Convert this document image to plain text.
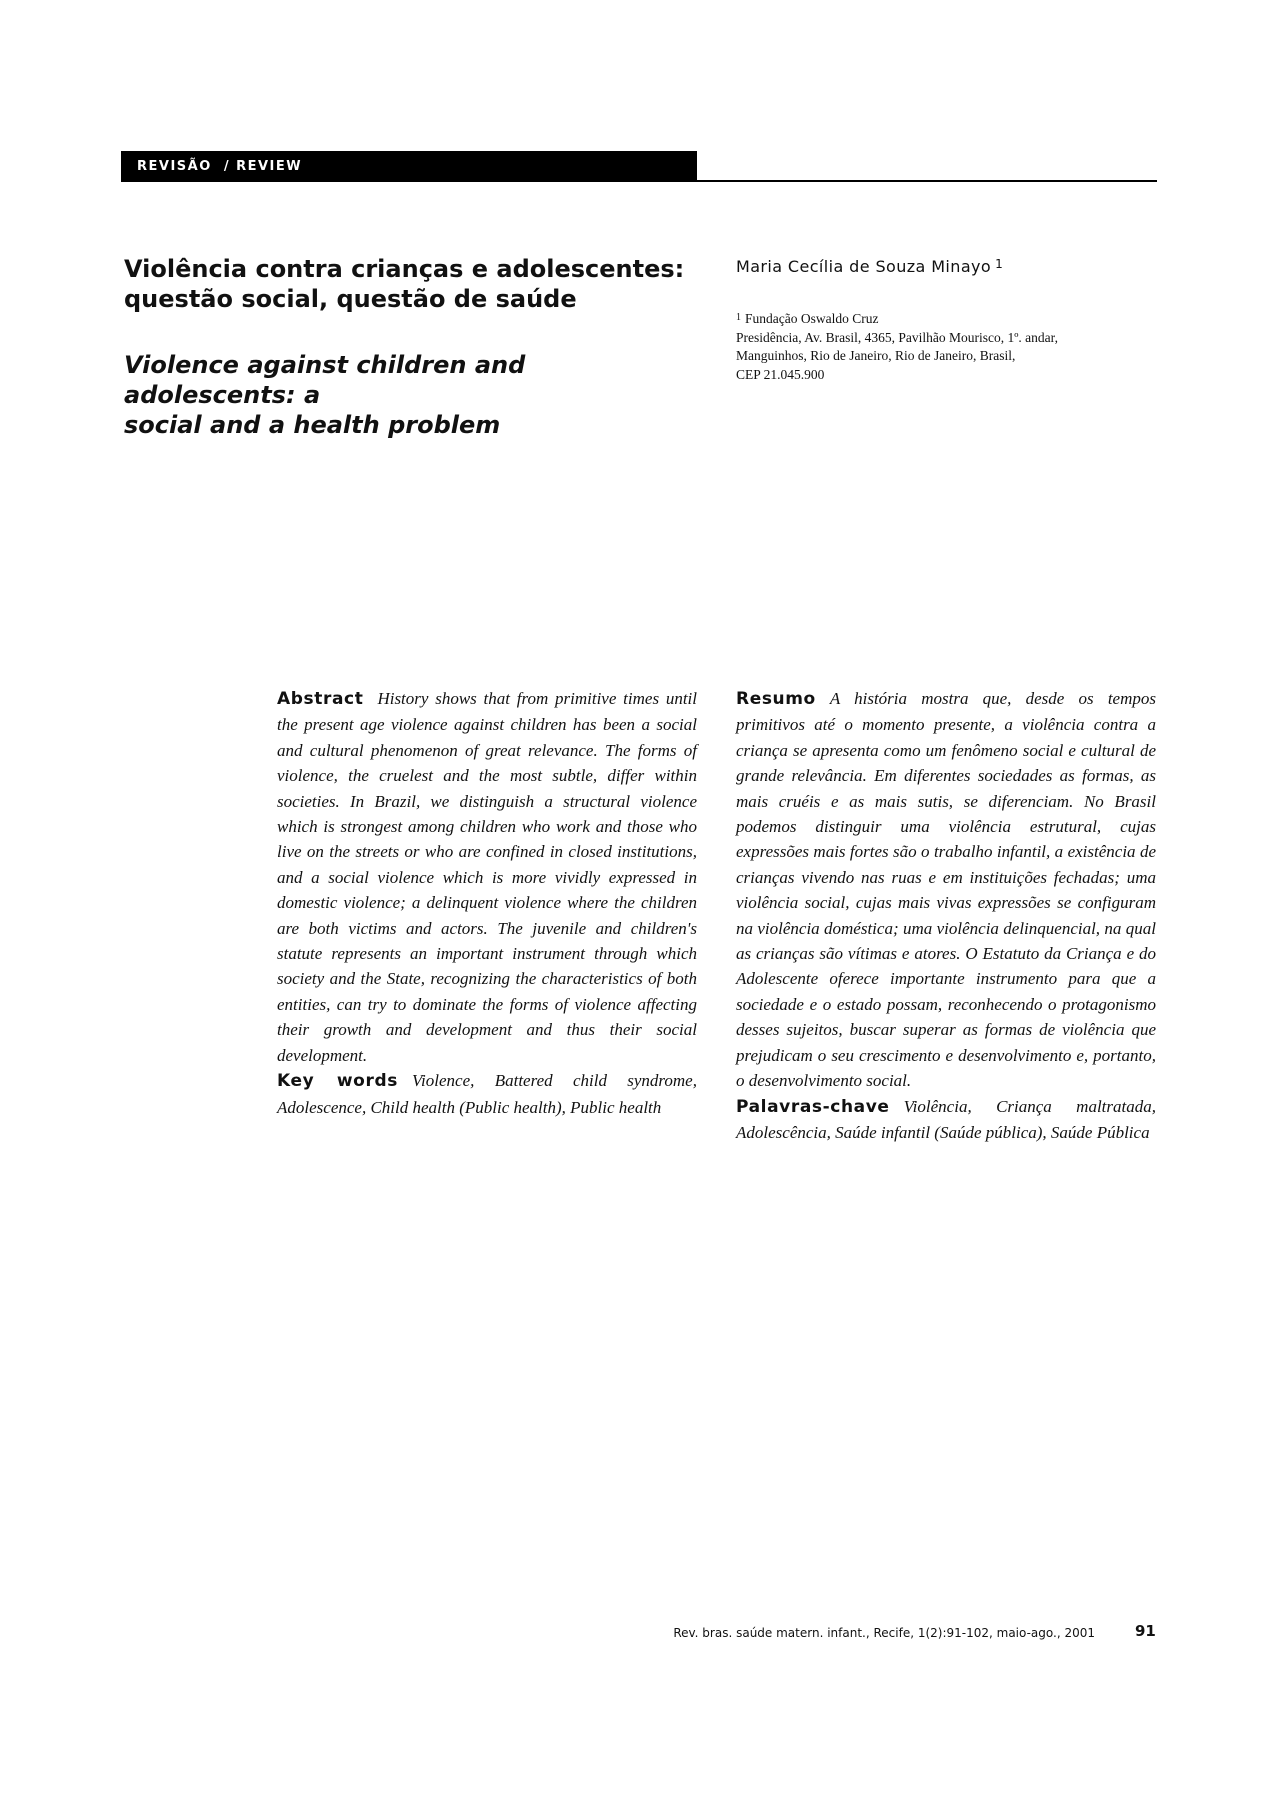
REVISÃO  / REVIEW
Violência contra crianças e adolescentes:
questão social, questão de saúde
Violence against children and adolescents: a
social and a health problem
Maria Cecília de Souza Minayo $^1$
$^1$ Fundação Oswaldo Cruz
Presidência, Av. Brasil, 4365, Pavilhão Mourisco, 1º. andar,
Manguinhos, Rio de Janeiro, Rio de Janeiro, Brasil,
CEP 21.045.900

Abstract History shows that from primitive times until the present age violence against children has been a social and cultural phenomenon of great relevance. The forms of violence, the cruelest and the most subtle, differ within societies. In Brazil, we distinguish a structural violence which is strongest among children who work and those who live on the streets or who are confined in closed institutions, and a social violence which is more vividly expressed in domestic violence; a delinquent violence where the children are both victims and actors. The juvenile and children's statute represents an important instrument through which society and the State, recognizing the characteristics of both entities, can try to dominate the forms of violence affecting their growth and development and thus their social development.

Key words Violence, Battered child syndrome, Adolescence, Child health (Public health), Public health

Resumo A história mostra que, desde os tempos primitivos até o momento presente, a violência contra a criança se apresenta como um fenômeno social e cultural de grande relevância. Em diferentes sociedades as formas, as mais cruéis e as mais sutis, se diferenciam. No Brasil podemos distinguir uma violência estrutural, cujas expressões mais fortes são o trabalho infantil, a existência de crianças vivendo nas ruas e em instituições fechadas; uma violência social, cujas mais vivas expressões se configuram na violência doméstica; uma violência delinquencial, na qual as crianças são vítimas e atores. O Estatuto da Criança e do Adolescente oferece importante instrumento para que a sociedade e o estado possam, reconhecendo o protagonismo desses sujeitos, buscar superar as formas de violência que prejudicam o seu crescimento e desenvolvimento e, portanto, o desenvolvimento social.

Palavras-chave Violência, Criança maltratada, Adolescência, Saúde infantil (Saúde pública), Saúde Pública

Rev. bras. saúde matern. infant., Recife, 1(2):91-102, maio-ago., 2001	91
